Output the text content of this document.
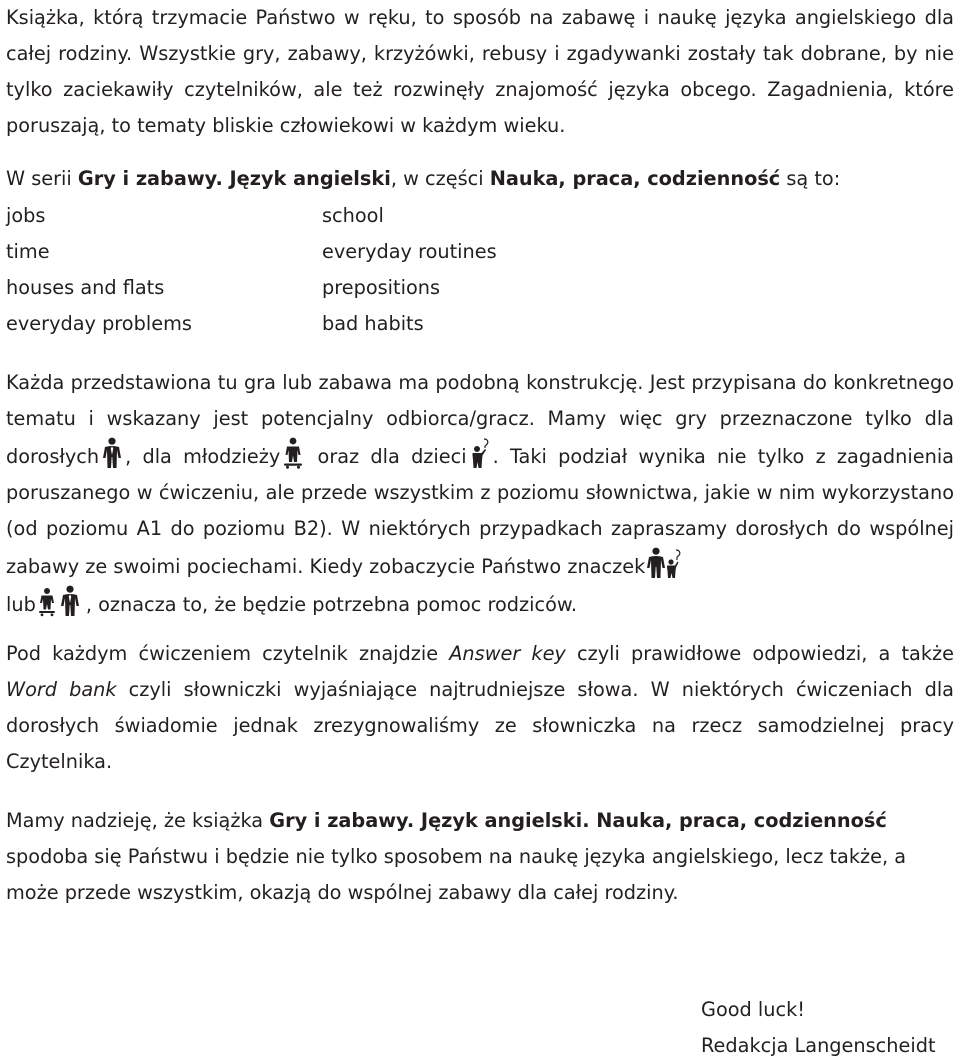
Książka, którą trzymacie Państwo w ręku, to sposób na zabawę i naukę języka angielskiego dla całej rodziny. Wszystkie gry, zabawy, krzyżówki, rebusy i zgadywanki zostały tak dobrane, by nie tylko zaciekawiły czytelników, ale też rozwinęły znajomość języka obcego. Zagadnienia, które poruszają, to tematy bliskie człowiekowi w każdym wieku.

W serii Gry i zabawy. Język angielski, w części Nauka, praca, codzienność są to:

jobs	school
time	everyday routines
houses and flats	prepositions
everyday problems	bad habits

Każda przedstawiona tu gra lub zabawa ma podobną konstrukcję. Jest przypisana do konkretnego tematu i wskazany jest potencjalny odbiorca/gracz. Mamy więc gry przeznaczone tylko dla dorosłych , dla młodzieży
oraz dla dzieci . Taki podział wynika nie tylko z zagadnienia poruszanego w ćwiczeniu, ale przede wszystkim z poziomu słownictwa, jakie w nim wykorzystano (od poziomu A1 do poziomu B2). W niektórych przypadkach zapraszamy dorosłych do wspólnej zabawy ze swoimi pociechami. Kiedy zobaczycie Państwo znaczek

lub	, oznacza to, że będzie potrzebna pomoc rodziców.

Pod każdym ćwiczeniem czytelnik znajdzie Answer key czyli prawidłowe odpowiedzi, a także Word bank czyli słowniczki wyjaśniające najtrudniejsze słowa. W niektórych ćwiczeniach dla dorosłych świadomie jednak zrezygnowaliśmy ze słowniczka na rzecz samodzielnej pracy Czytelnika.

Mamy nadzieję, że książka Gry i zabawy. Język angielski. Nauka, praca, codzienność spodoba się Państwu i będzie nie tylko sposobem na naukę języka angielskiego, lecz także, a może przede wszystkim, okazją do wspólnej zabawy dla całej rodziny.

Good luck!
Redakcja Langenscheidt
